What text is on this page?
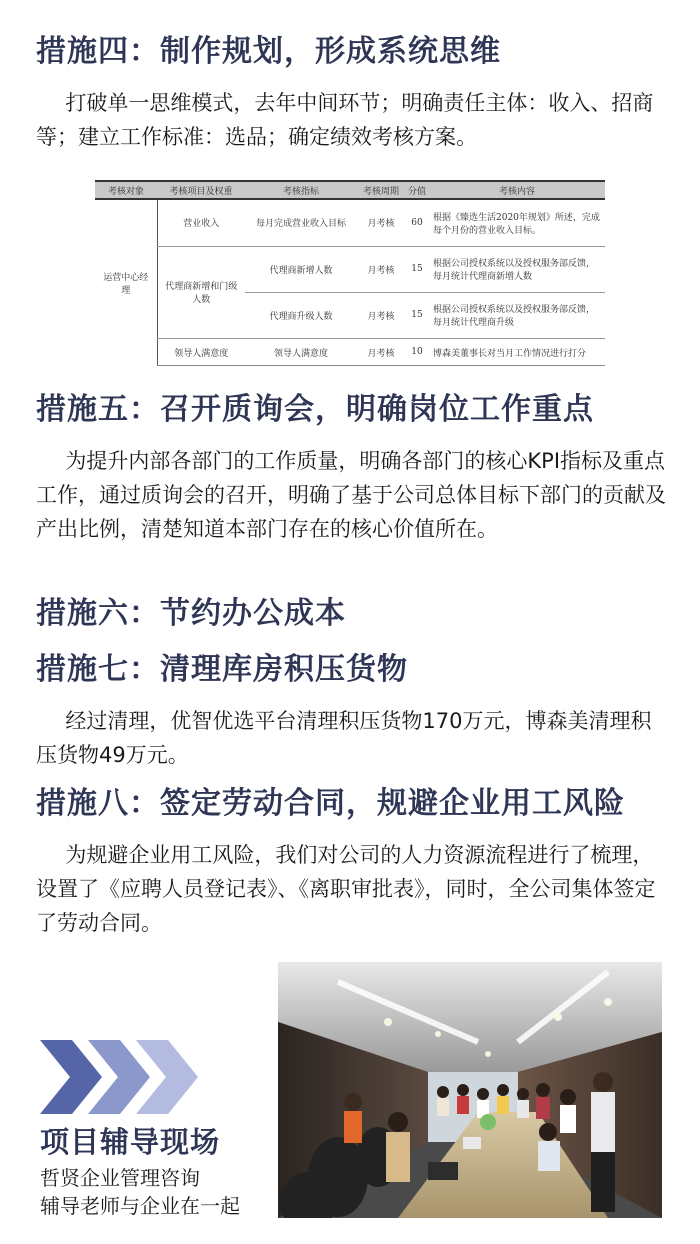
措施四：制作规划，形成系统思维
打破单一思维模式，去年中间环节；明确责任主体：收入、招商等；建立工作标准：选品；确定绩效考核方案。
考核对象	考核项目及权重	考核指标	考核周期	分值	考核内容
运营中心经理	营业收入	每月完成营业收入目标	月考核	60	根据《臻选生活2020年规划》所述，完成每个月份的营业收入目标。
	代理商新增和门级人数	代理商新增人数	月考核	15	根据公司授权系统以及授权服务部反馈，每月统计代理商新增人数
		代理商升级人数	月考核	15	根据公司授权系统以及授权服务部反馈，每月统计代理商升级
	领导人满意度	领导人满意度	月考核	10	博森美董事长对当月工作情况进行打分
措施五：召开质询会，明确岗位工作重点
为提升内部各部门的工作质量，明确各部门的核心KPI指标及重点工作，通过质询会的召开，明确了基于公司总体目标下部门的贡献及产出比例，清楚知道本部门存在的核心价值所在。
措施六：节约办公成本
措施七：清理库房积压货物
经过清理，优智优选平台清理积压货物170万元，博森美清理积压货物49万元。
措施八：签定劳动合同，规避企业用工风险
为规避企业用工风险，我们对公司的人力资源流程进行了梳理，设置了《应聘人员登记表》、《离职审批表》，同时，全公司集体签定了劳动合同。
项目辅导现场
哲贤企业管理咨询
辅导老师与企业在一起
